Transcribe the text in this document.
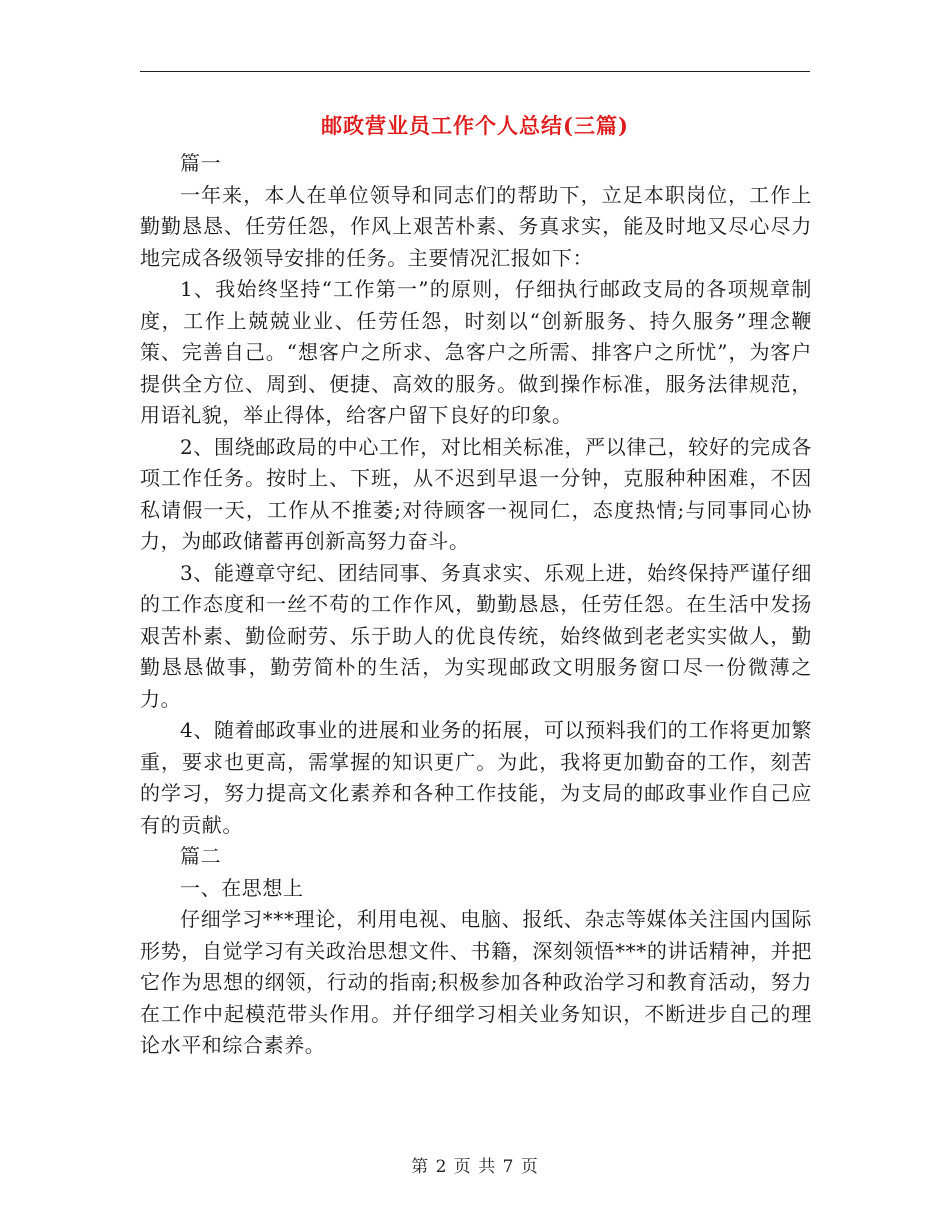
邮政营业员工作个人总结(三篇)

篇一

一年来，本人在单位领导和同志们的帮助下，立足本职岗位，工作上勤勤恳恳、任劳任怨，作风上艰苦朴素、务真求实，能及时地又尽心尽力地完成各级领导安排的任务。主要情况汇报如下：

1、我始终坚持“工作第一”的原则，仔细执行邮政支局的各项规章制度，工作上兢兢业业、任劳任怨，时刻以“创新服务、持久服务”理念鞭策、完善自己。“想客户之所求、急客户之所需、排客户之所忧”，为客户提供全方位、周到、便捷、高效的服务。做到操作标准，服务法律规范，用语礼貌，举止得体，给客户留下良好的印象。

2、围绕邮政局的中心工作，对比相关标准，严以律己，较好的完成各项工作任务。按时上、下班，从不迟到早退一分钟，克服种种困难，不因私请假一天，工作从不推萎;对待顾客一视同仁，态度热情;与同事同心协力，为邮政储蓄再创新高努力奋斗。

3、能遵章守纪、团结同事、务真求实、乐观上进，始终保持严谨仔细的工作态度和一丝不苟的工作作风，勤勤恳恳，任劳任怨。在生活中发扬艰苦朴素、勤俭耐劳、乐于助人的优良传统，始终做到老老实实做人，勤勤恳恳做事，勤劳简朴的生活，为实现邮政文明服务窗口尽一份微薄之力。

4、随着邮政事业的进展和业务的拓展，可以预料我们的工作将更加繁重，要求也更高，需掌握的知识更广。为此，我将更加勤奋的工作，刻苦的学习，努力提高文化素养和各种工作技能，为支局的邮政事业作自己应有的贡献。

篇二

一、在思想上

仔细学习***理论，利用电视、电脑、报纸、杂志等媒体关注国内国际形势，自觉学习有关政治思想文件、书籍，深刻领悟***的讲话精神，并把它作为思想的纲领，行动的指南;积极参加各种政治学习和教育活动，努力在工作中起模范带头作用。并仔细学习相关业务知识，不断进步自己的理论水平和综合素养。

第 2 页 共 7 页
